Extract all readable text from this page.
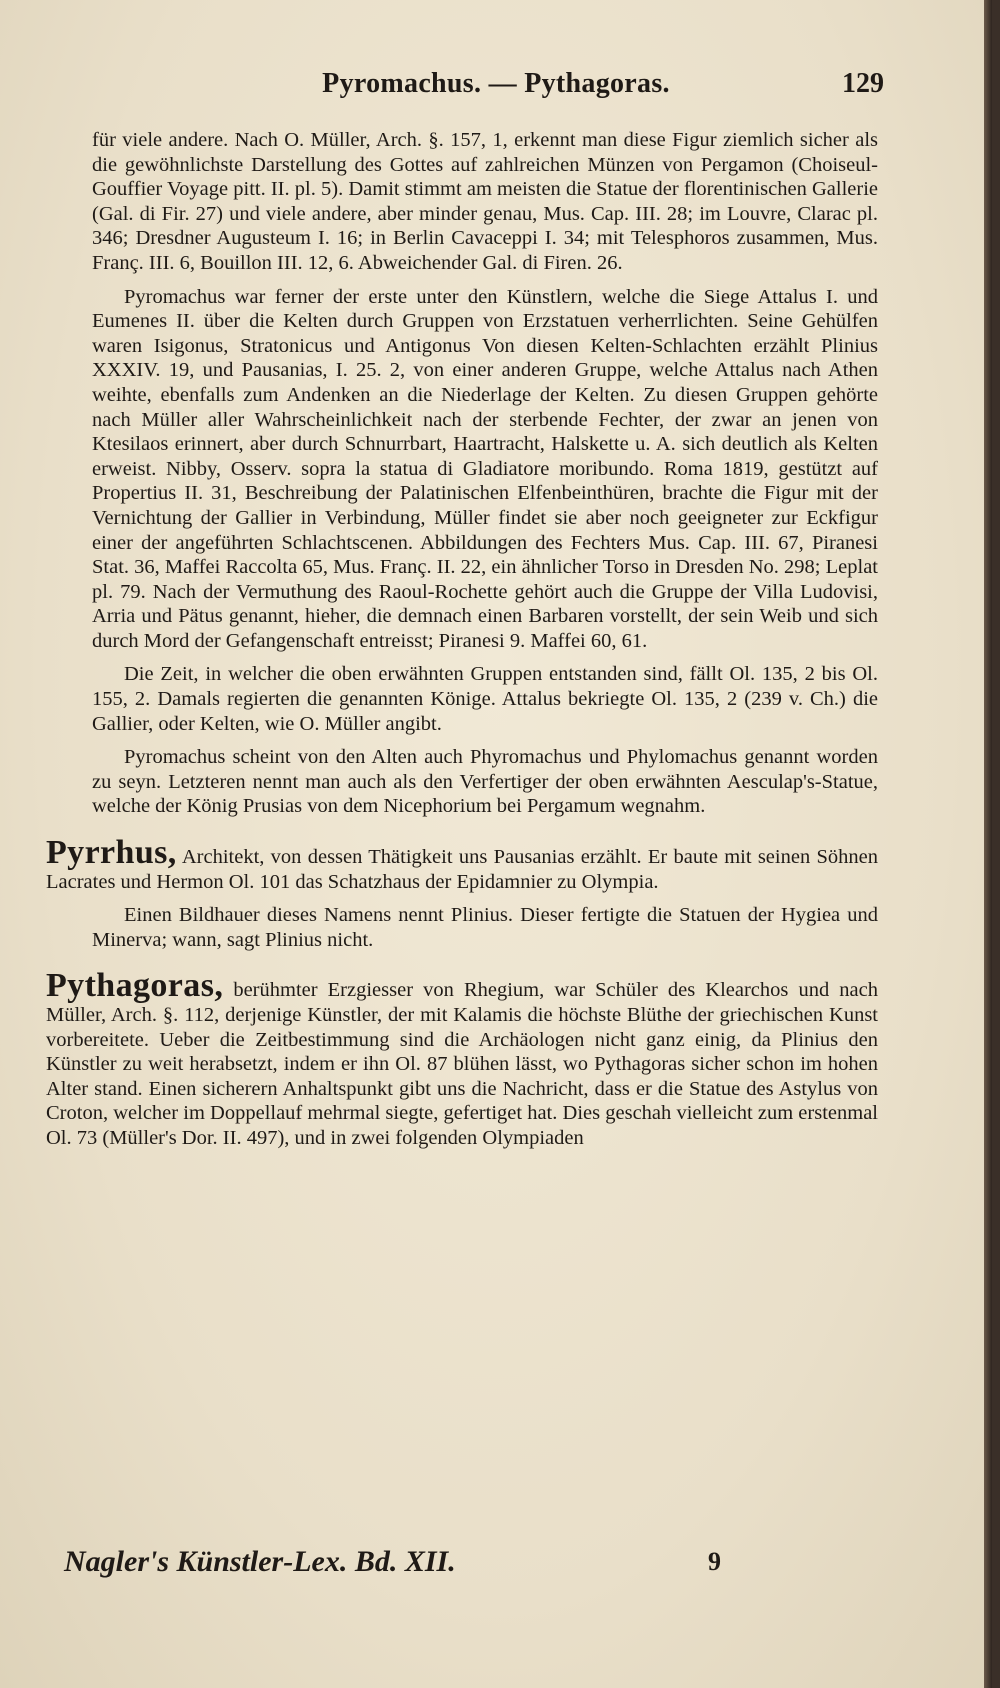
Pyromachus. — Pythagoras.	129

für viele andere. Nach O. Müller, Arch. §. 157, 1, erkennt man diese Figur ziemlich sicher als die gewöhnlichste Darstellung des Gottes auf zahlreichen Münzen von Pergamon (Choiseul-Gouffier Voyage pitt. II. pl. 5). Damit stimmt am meisten die Statue der florentinischen Gallerie (Gal. di Fir. 27) und viele andere, aber minder genau, Mus. Cap. III. 28; im Louvre, Clarac pl. 346; Dresdner Augusteum I. 16; in Berlin Cavaceppi I. 34; mit Telesphoros zusammen, Mus. Franç. III. 6, Bouillon III. 12, 6. Abweichender Gal. di Firen. 26.

Pyromachus war ferner der erste unter den Künstlern, welche die Siege Attalus I. und Eumenes II. über die Kelten durch Gruppen von Erzstatuen verherrlichten. Seine Gehülfen waren Isigonus, Stratonicus und Antigonus Von diesen Kelten-Schlachten erzählt Plinius XXXIV. 19, und Pausanias, I. 25. 2, von einer anderen Gruppe, welche Attalus nach Athen weihte, ebenfalls zum Andenken an die Niederlage der Kelten. Zu diesen Gruppen gehörte nach Müller aller Wahrscheinlichkeit nach der sterbende Fechter, der zwar an jenen von Ktesilaos erinnert, aber durch Schnurrbart, Haartracht, Halskette u. A. sich deutlich als Kelten erweist. Nibby, Osserv. sopra la statua di Gladiatore moribundo. Roma 1819, gestützt auf Propertius II. 31, Beschreibung der Palatinischen Elfenbeinthüren, brachte die Figur mit der Vernichtung der Gallier in Verbindung, Müller findet sie aber noch geeigneter zur Eckfigur einer der angeführten Schlachtscenen. Abbildungen des Fechters Mus. Cap. III. 67, Piranesi Stat. 36, Maffei Raccolta 65, Mus. Franç. II. 22, ein ähnlicher Torso in Dresden No. 298; Leplat pl. 79. Nach der Vermuthung des Raoul-Rochette gehört auch die Gruppe der Villa Ludovisi, Arria und Pätus genannt, hieher, die demnach einen Barbaren vorstellt, der sein Weib und sich durch Mord der Gefangenschaft entreisst; Piranesi 9. Maffei 60, 61.

Die Zeit, in welcher die oben erwähnten Gruppen entstanden sind, fällt Ol. 135, 2 bis Ol. 155, 2. Damals regierten die genannten Könige. Attalus bekriegte Ol. 135, 2 (239 v. Ch.) die Gallier, oder Kelten, wie O. Müller angibt.

Pyromachus scheint von den Alten auch Phyromachus und Phylomachus genannt worden zu seyn. Letzteren nennt man auch als den Verfertiger der oben erwähnten Aesculap's-Statue, welche der König Prusias von dem Nicephorium bei Pergamum wegnahm.

Pyrrhus, Architekt, von dessen Thätigkeit uns Pausanias erzählt. Er baute mit seinen Söhnen Lacrates und Hermon Ol. 101 das Schatzhaus der Epidamnier zu Olympia.

Einen Bildhauer dieses Namens nennt Plinius. Dieser fertigte die Statuen der Hygiea und Minerva; wann, sagt Plinius nicht.

Pythagoras, berühmter Erzgiesser von Rhegium, war Schüler des Klearchos und nach Müller, Arch. §. 112, derjenige Künstler, der mit Kalamis die höchste Blüthe der griechischen Kunst vorbereitete. Ueber die Zeitbestimmung sind die Archäologen nicht ganz einig, da Plinius den Künstler zu weit herabsetzt, indem er ihn Ol. 87 blühen lässt, wo Pythagoras sicher schon im hohen Alter stand. Einen sicherern Anhaltspunkt gibt uns die Nachricht, dass er die Statue des Astylus von Croton, welcher im Doppellauf mehrmal siegte, gefertiget hat. Dies geschah vielleicht zum erstenmal Ol. 73 (Müller's Dor. II. 497), und in zwei folgenden Olympiaden

Nagler's Künstler-Lex. Bd. XII.	9
